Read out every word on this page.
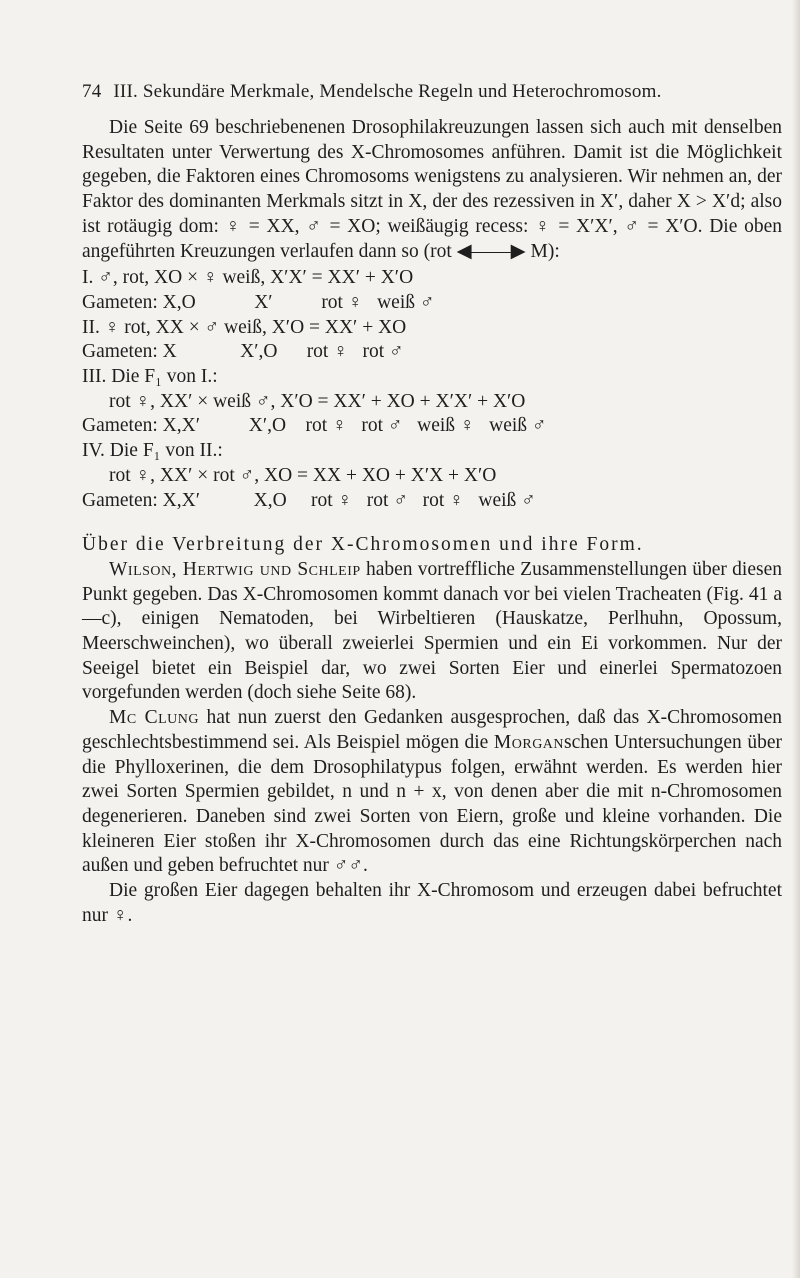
74 III. Sekundäre Merkmale, Mendelsche Regeln und Heterochromosom.

Die Seite 69 beschriebenenen Drosophilakreuzungen lassen sich auch mit denselben Resultaten unter Verwertung des X-Chromosomes anführen. Damit ist die Möglichkeit gegeben, die Faktoren eines Chromosoms wenigstens zu analysieren. Wir nehmen an, der Faktor des dominanten Merkmals sitzt in X, der des rezessiven in X′, daher X > X′d; also ist rotäugig dom: ♀ = XX, ♂ = XO; weißäugig recess: ♀ = X′X′, ♂ = X′O. Die oben angeführten Kreuzungen verlaufen dann so (rot ◀——▶ M):

I. ♂, rot, XO × ♀ weiß, X′X′ = XX′ + X′O
Gameten: X,O            X′          rot ♀   weiß ♂
II. ♀ rot, XX × ♂ weiß, X′O = XX′ + XO
Gameten: X             X′,O      rot ♀   rot ♂
III. Die F₁ von I.:
rot ♀, XX′ × weiß ♂, X′O = XX′ + XO + X′X′ + X′O
Gameten: X,X′          X′,O    rot ♀   rot ♂   weiß ♀   weiß ♂
IV. Die F₁ von II.:
rot ♀, XX′ × rot ♂, XO = XX + XO + X′X + X′O
Gameten: X,X′           X,O     rot ♀   rot ♂   rot ♀   weiß ♂

Über die Verbreitung der X-Chromosomen und ihre Form.

Wilson, Hertwig und Schleip haben vortreffliche Zusammenstellungen über diesen Punkt gegeben. Das X-Chromosomen kommt danach vor bei vielen Tracheaten (Fig. 41 a—c), einigen Nematoden, bei Wirbeltieren (Hauskatze, Perlhuhn, Opossum, Meerschweinchen), wo überall zweierlei Spermien und ein Ei vorkommen. Nur der Seeigel bietet ein Beispiel dar, wo zwei Sorten Eier und einerlei Spermatozoen vorgefunden werden (doch siehe Seite 68).

Mc Clung hat nun zuerst den Gedanken ausgesprochen, daß das X-Chromosomen geschlechtsbestimmend sei. Als Beispiel mögen die Morganschen Untersuchungen über die Phylloxerinen, die dem Drosophilatypus folgen, erwähnt werden. Es werden hier zwei Sorten Spermien gebildet, n und n + x, von denen aber die mit n-Chromosomen degenerieren. Daneben sind zwei Sorten von Eiern, große und kleine vorhanden. Die kleineren Eier stoßen ihr X-Chromosomen durch das eine Richtungskörperchen nach außen und geben befruchtet nur ♂♂.

Die großen Eier dagegen behalten ihr X-Chromosom und erzeugen dabei befruchtet nur ♀.
